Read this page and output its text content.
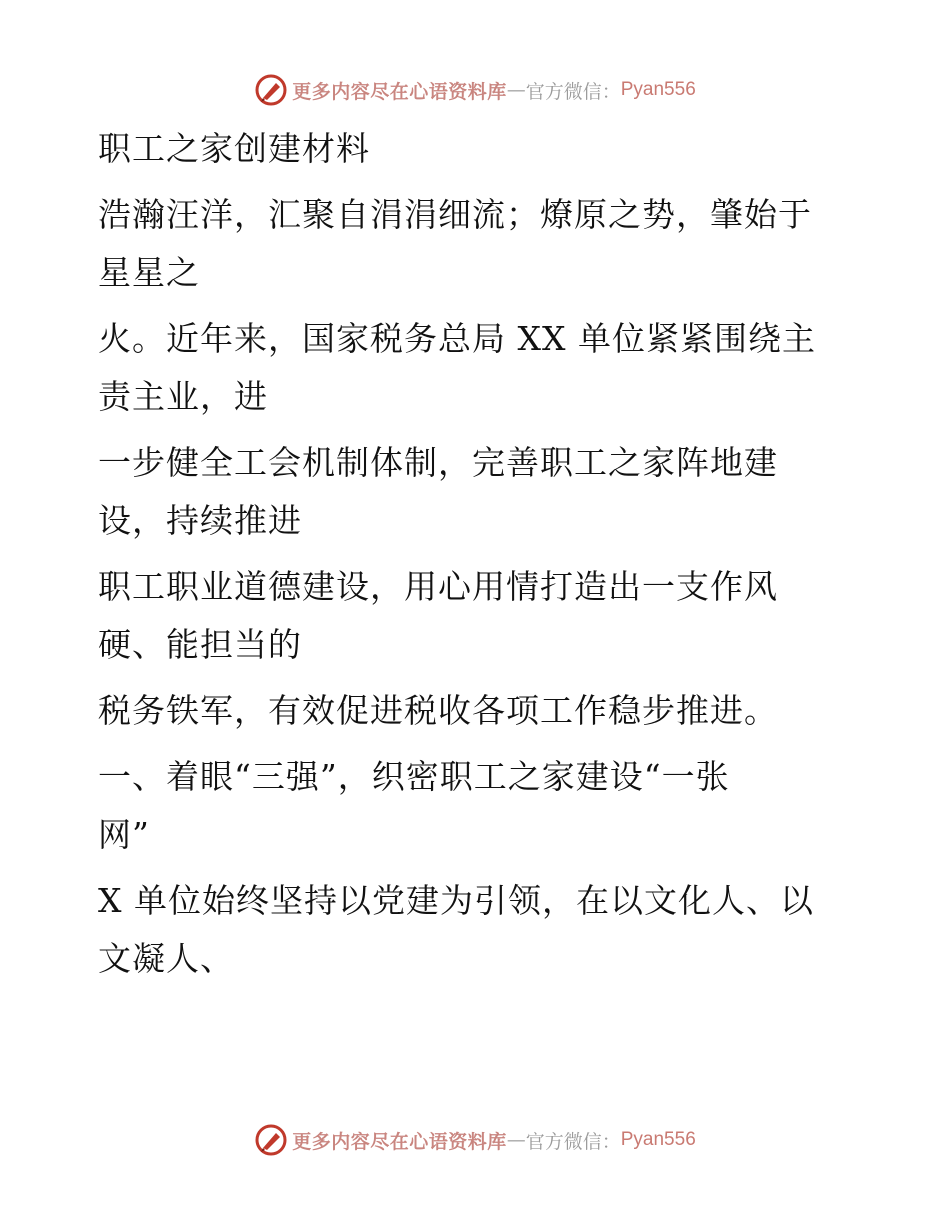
更多内容尽在心语资料库 — 官方微信： Pyan556
职工之家创建材料
浩瀚汪洋，汇聚自涓涓细流；燎原之势，肇始于
星星之
火。近年来，国家税务总局 XX 单位紧紧围绕主
责主业，进
一步健全工会机制体制，完善职工之家阵地建
设，持续推进
职工职业道德建设，用心用情打造出一支作风
硬、能担当的
税务铁军，有效促进税收各项工作稳步推进。
一、着眼“三强”，织密职工之家建设“一张
网”
X 单位始终坚持以党建为引领，在以文化人、以
文凝人、
更多内容尽在心语资料库 — 官方微信： Pyan556
